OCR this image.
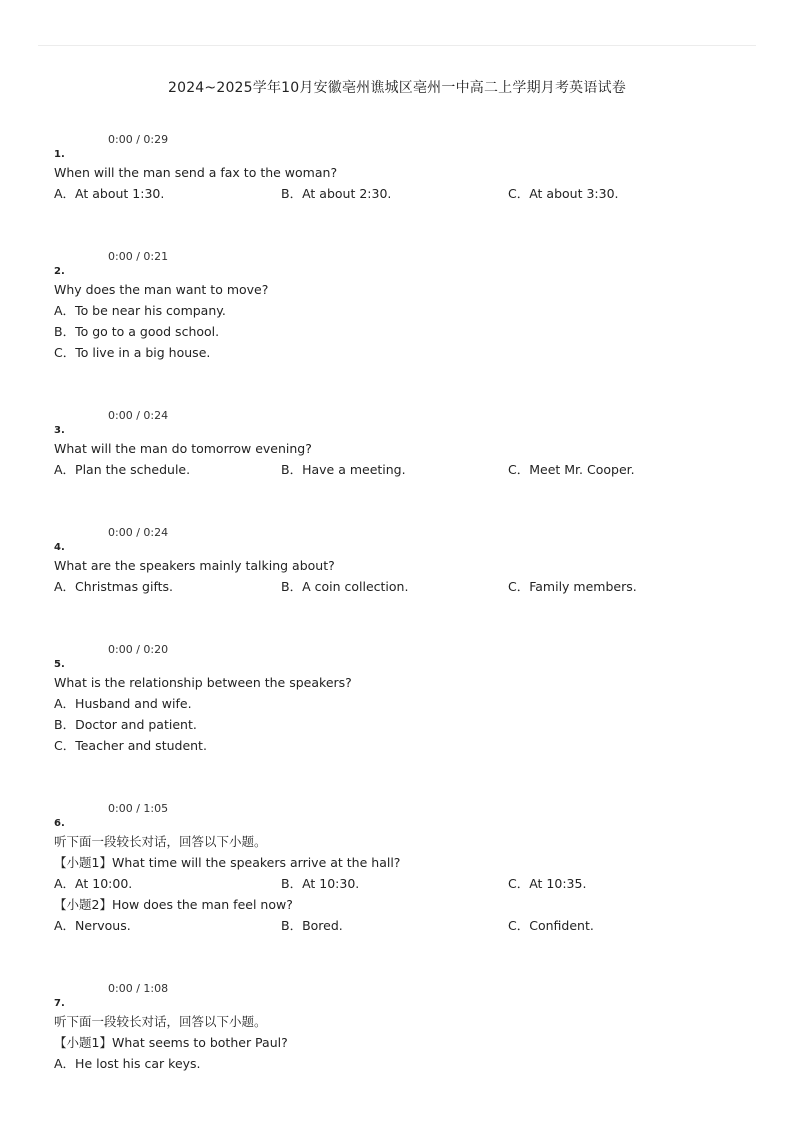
2024~2025学年10月安徽亳州谯城区亳州一中高二上学期月考英语试卷
0:00 / 0:29
1.
When will the man send a fax to the woman?
A．At about 1:30.	B．At about 2:30.	C．At about 3:30.
0:00 / 0:21
2.
Why does the man want to move?
A．To be near his company.
B．To go to a good school.
C．To live in a big house.
0:00 / 0:24
3.
What will the man do tomorrow evening?
A．Plan the schedule.	B．Have a meeting.	C．Meet Mr. Cooper.
0:00 / 0:24
4.
What are the speakers mainly talking about?
A．Christmas gifts.	B．A coin collection.	C．Family members.
0:00 / 0:20
5.
What is the relationship between the speakers?
A．Husband and wife.
B．Doctor and patient.
C．Teacher and student.
0:00 / 1:05
6.
听下面一段较长对话，回答以下小题。
【小题1】What time will the speakers arrive at the hall?
A．At 10:00.	B．At 10:30.	C．At 10:35.
【小题2】How does the man feel now?
A．Nervous.	B．Bored.	C．Confident.
0:00 / 1:08
7.
听下面一段较长对话，回答以下小题。
【小题1】What seems to bother Paul?
A．He lost his car keys.
